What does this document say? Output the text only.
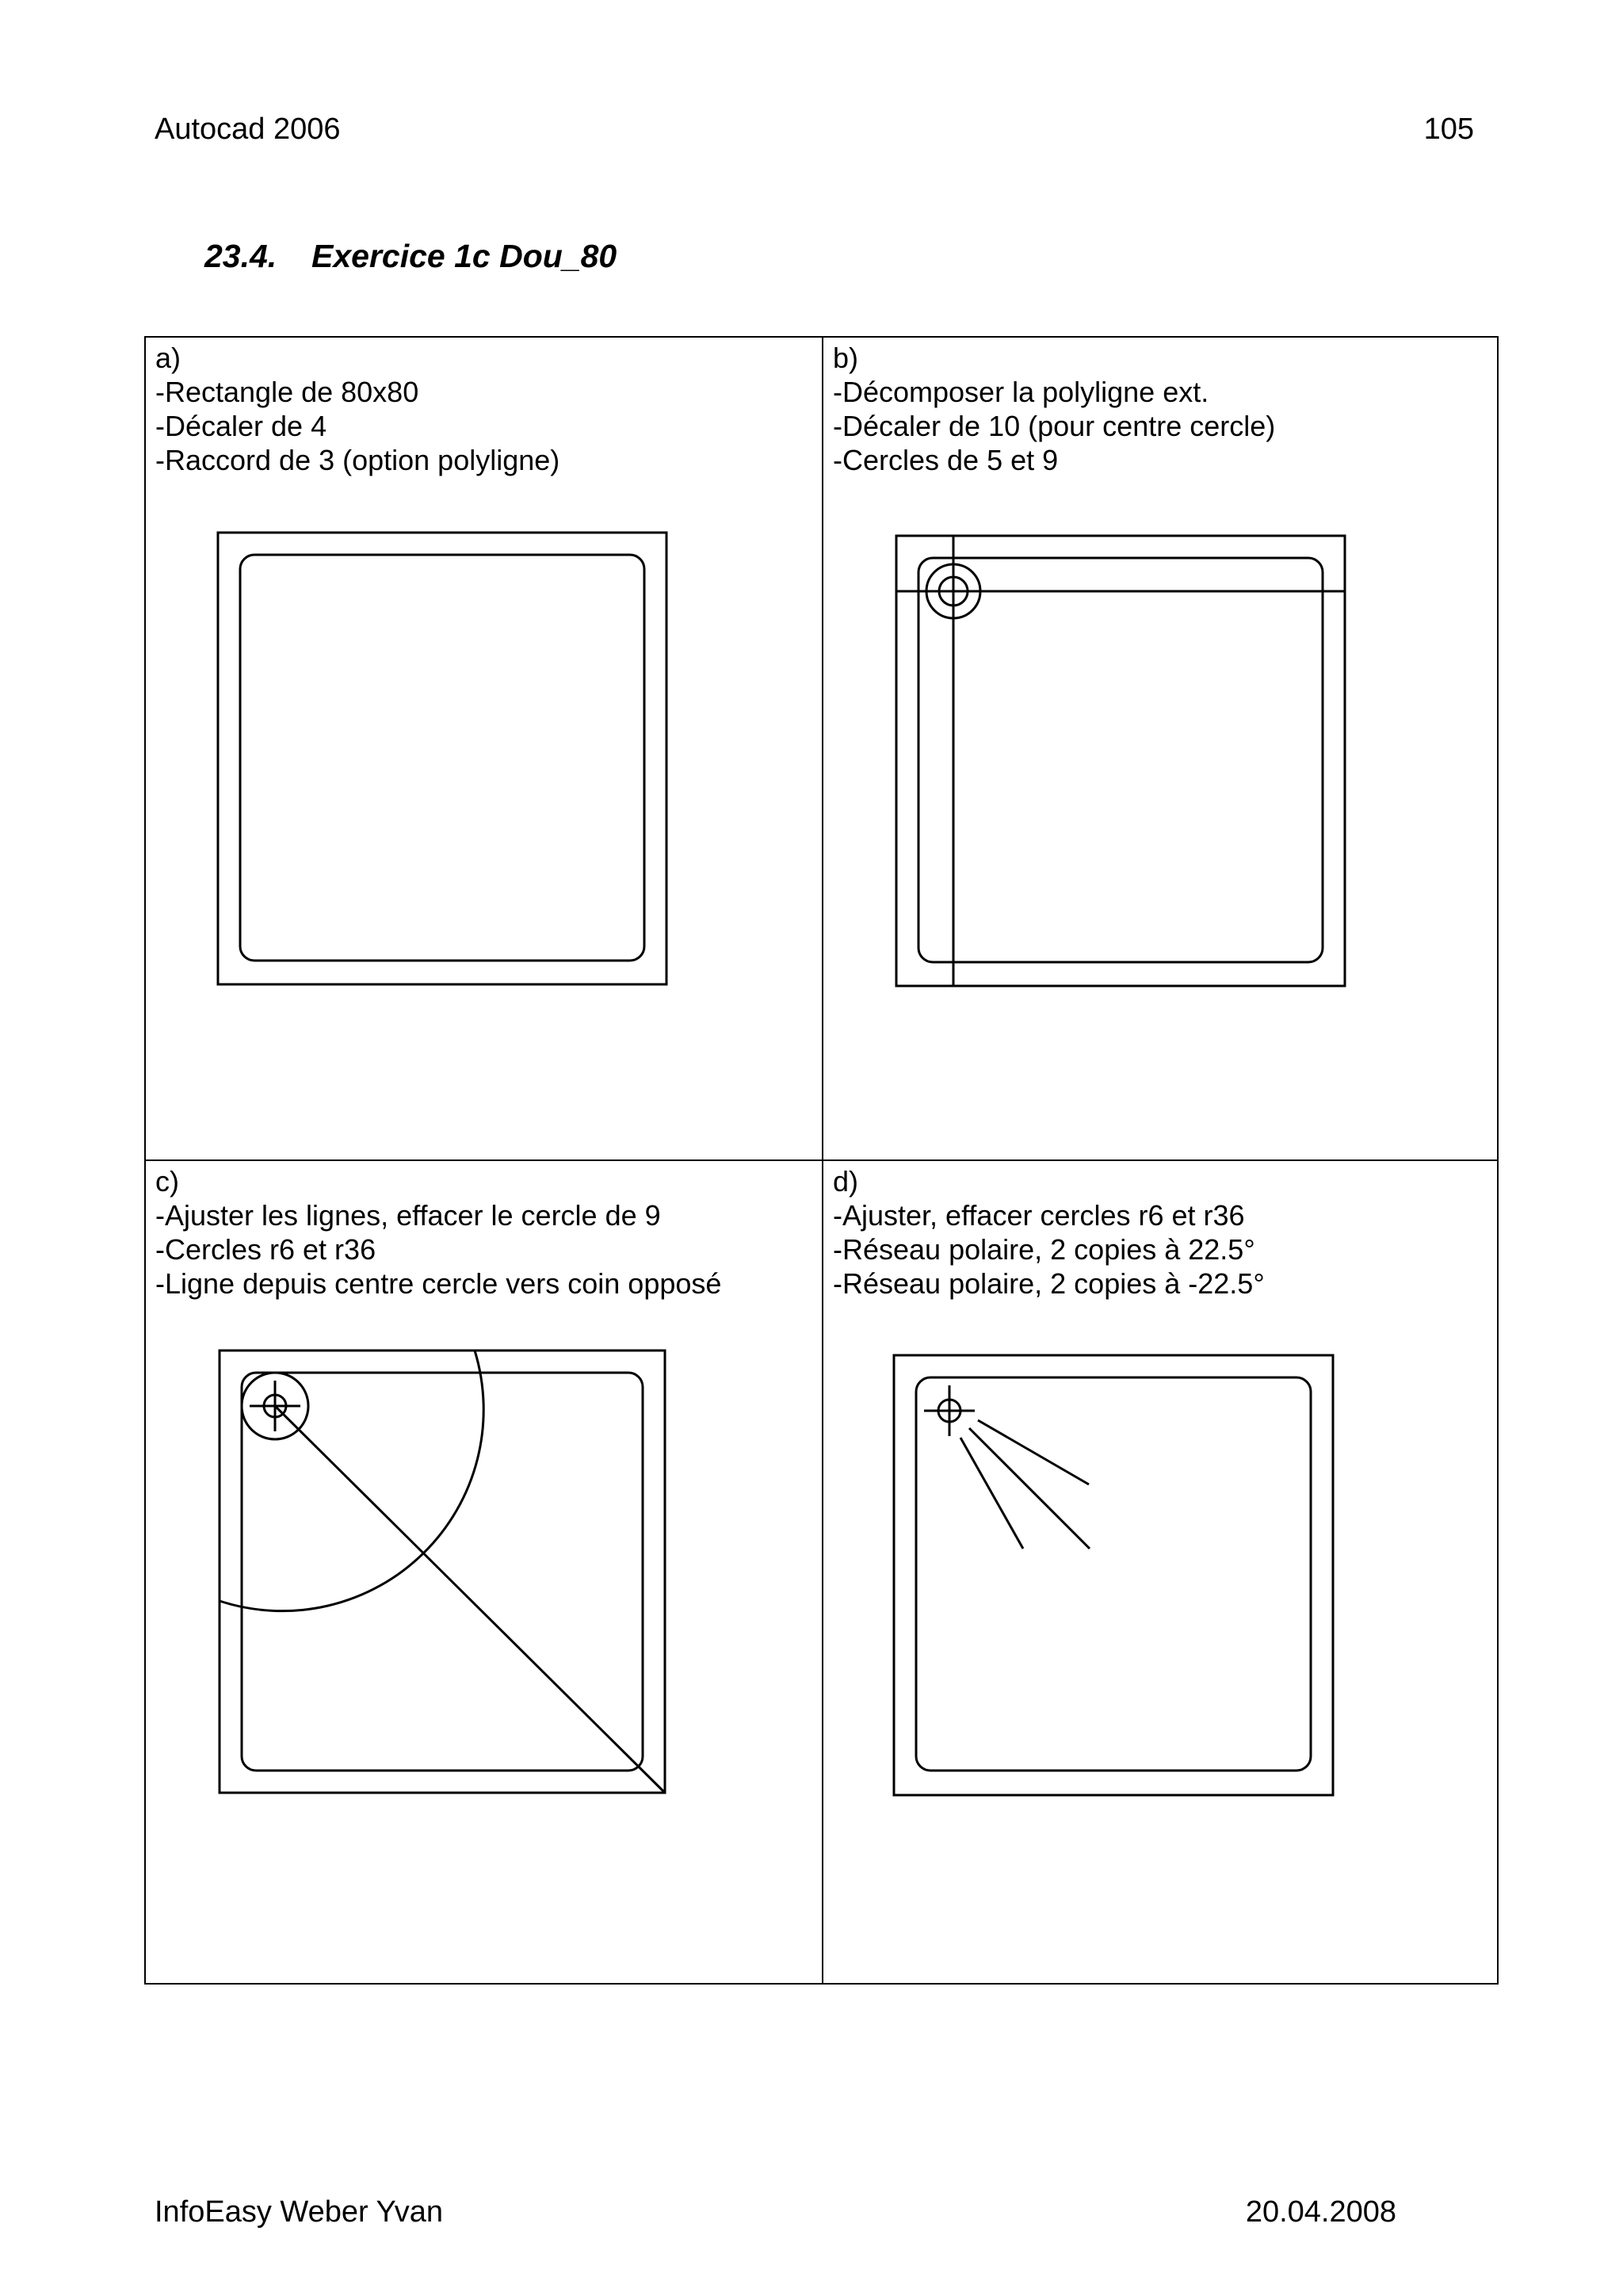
Autocad 2006	105
23.4. Exercice 1c Dou_80
a)
-Rectangle de 80x80
-Décaler de 4
-Raccord de 3 (option polyligne)
b)
-Décomposer la polyligne ext.
-Décaler de 10 (pour centre cercle)
-Cercles de 5 et 9
c)
-Ajuster les lignes, effacer le cercle de 9
-Cercles r6 et r36
-Ligne depuis centre cercle vers coin opposé
d)
-Ajuster, effacer cercles r6 et r36
-Réseau polaire, 2 copies à 22.5°
-Réseau polaire, 2 copies à -22.5°
InfoEasy Weber Yvan	20.04.2008
